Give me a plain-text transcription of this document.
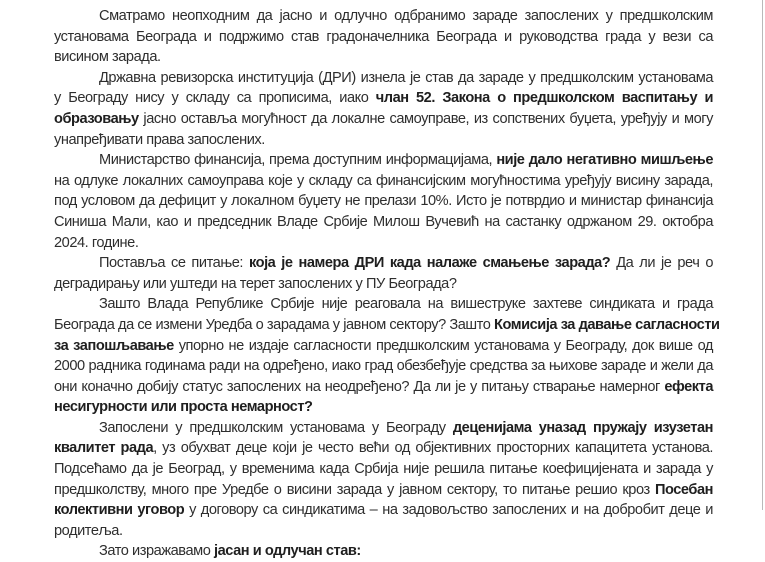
Сматрамо неопходним да јасно и одлучно одбранимо зараде запослених у предшколским
установама Београда и подржимо став градоначелника Београда и руководства града у вези са
висином зарада.
Државна ревизорска институција (ДРИ) изнела је став да зараде у предшколским установама
у Београду нису у складу са прописима, иако члан 52. Закона о предшколском васпитању и
образовању јасно оставља могућност да локалне самоуправе, из сопствених буџета, уређују и могу
унапређивати права запослених.
Министарство финансија, према доступним информацијама, није дало негативно мишљење
на одлуке локалних самоуправа које у складу са финансијским могућностима уређују висину зарада,
под условом да дефицит у локалном буџету не прелази 10%. Исто је потврдио и министар финансија
Синиша Мали, као и председник Владе Србије Милош Вучевић на састанку одржаном 29. октобра
2024. године.
Поставља се питање: која је намера ДРИ када налаже смањење зарада? Да ли је реч о
деградирању или уштеди на терет запослених у ПУ Београда?
Зашто Влада Републике Србије није реаговала на вишеструке захтеве синдиката и града
Београда да се измени Уредба о зарадама у јавном сектору? Зашто Комисија за давање сагласности
за запошљавање упорно не издаје сагласности предшколским установама у Београду, док више од
2000 радника годинама ради на одређено, иако град обезбеђује средства за њихове зараде и жели да
они коначно добију статус запослених на неодређено? Да ли је у питању стварање намерног ефекта
несигурности или проста немарност?
Запослени у предшколским установама у Београду деценијама уназад пружају изузетан
квалитет рада, уз обухват деце који је често већи од објективних просторних капацитета установа.
Подсећамо да је Београд, у временима када Србија није решила питање коефицијената и зарада у
предшколству, много пре Уредбе о висини зарада у јавном сектору, то питање решио кроз Посебан
колективни уговор у договору са синдикатима – на задовољство запослених и на добробит деце и
родитеља.
Зато изражавамо јасан и одлучан став:
